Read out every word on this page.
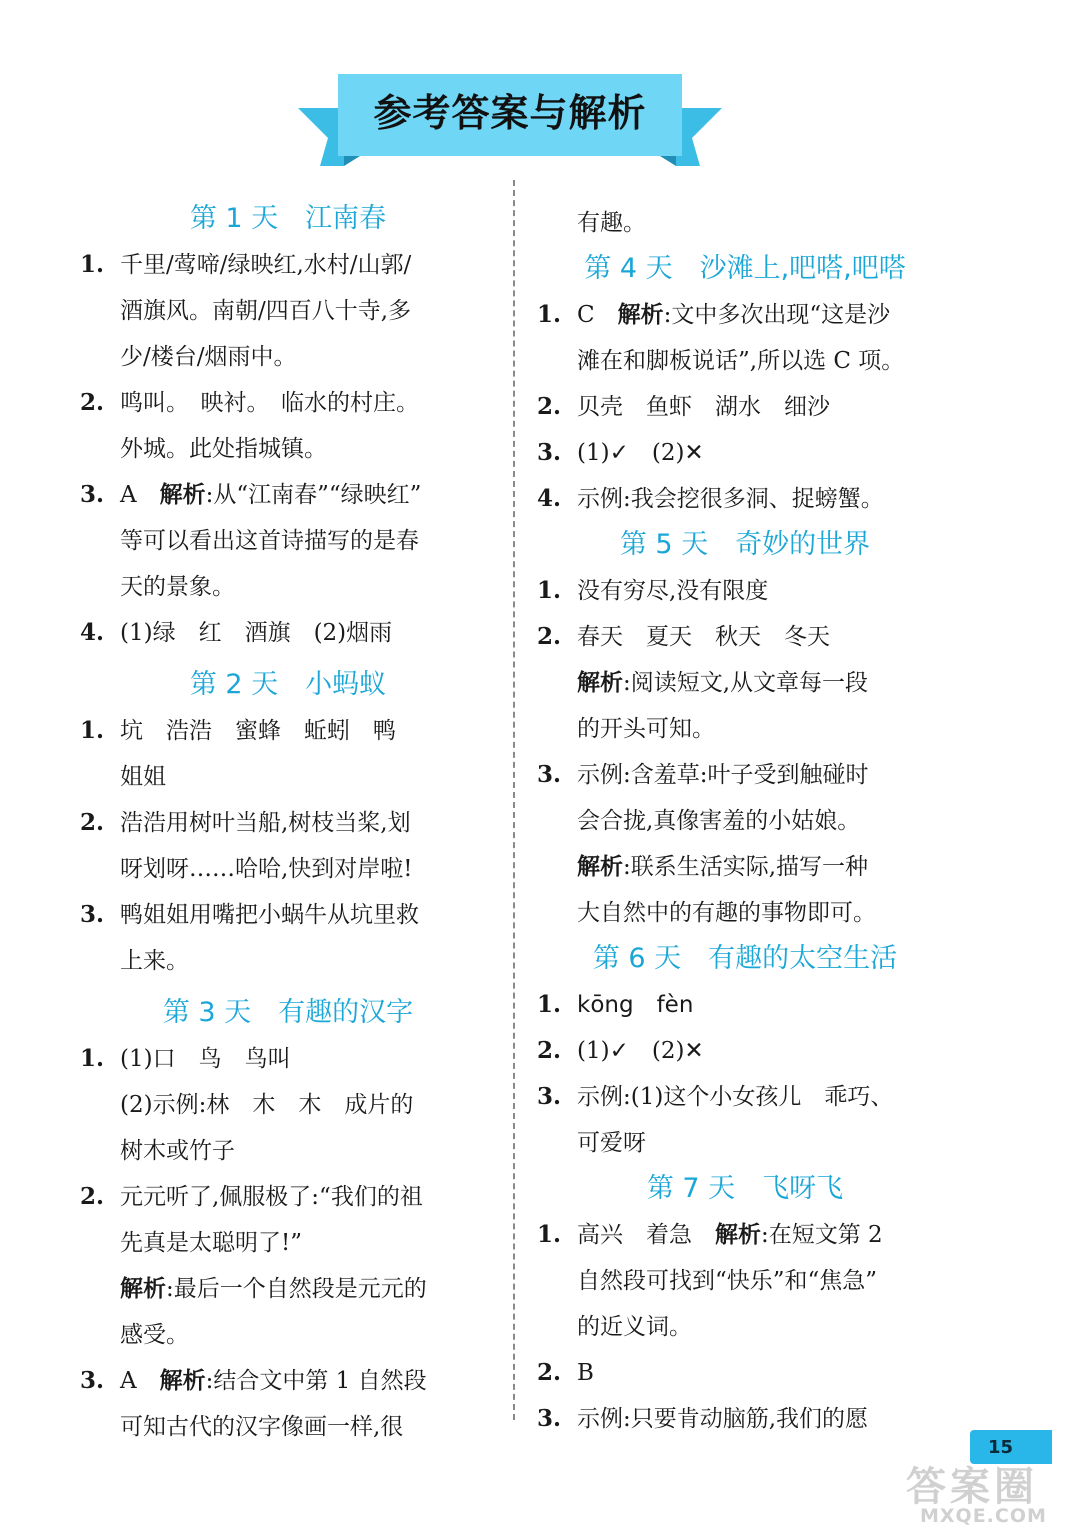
参考答案与解析
第 1 天　江南春
1. 千里/莺啼/绿映红,水村/山郭/
酒旗风。南朝/四百八十寺,多
少/楼台/烟雨中。
2. 鸣叫。　映衬。　临水的村庄。
外城。此处指城镇。
3. A　解析:从“江南春”“绿映红”
等可以看出这首诗描写的是春
天的景象。
4. (1)绿　红　酒旗　(2)烟雨
第 2 天　小蚂蚁
1. 坑　浩浩　蜜蜂　蚯蚓　鸭
姐姐
2. 浩浩用树叶当船,树枝当桨,划
呀划呀……哈哈,快到对岸啦!
3. 鸭姐姐用嘴把小蜗牛从坑里救
上来。
第 3 天　有趣的汉字
1. (1)口　鸟　鸟叫
(2)示例:林　木　木　成片的
树木或竹子
2. 元元听了,佩服极了:“我们的祖
先真是太聪明了!”
解析:最后一个自然段是元元的
感受。
3. A　解析:结合文中第 1 自然段
可知古代的汉字像画一样,很
有趣。
第 4 天　沙滩上,吧嗒,吧嗒
1. C　解析:文中多次出现“这是沙
滩在和脚板说话”,所以选 C 项。
2. 贝壳　鱼虾　湖水　细沙
3. (1)✓　(2)✕
4. 示例:我会挖很多洞、捉螃蟹。
第 5 天　奇妙的世界
1. 没有穷尽,没有限度
2. 春天　夏天　秋天　冬天
解析:阅读短文,从文章每一段
的开头可知。
3. 示例:含羞草:叶子受到触碰时
会合拢,真像害羞的小姑娘。
解析:联系生活实际,描写一种
大自然中的有趣的事物即可。
第 6 天　有趣的太空生活
1. kōng　fèn
2. (1)✓　(2)✕
3. 示例:(1)这个小女孩儿　乖巧、
可爱呀
第 7 天　飞呀飞
1. 高兴　着急　解析:在短文第 2
自然段可找到“快乐”和“焦急”
的近义词。
2. B
3. 示例:只要肯动脑筋,我们的愿
15
答案圈
MXQE.COM
